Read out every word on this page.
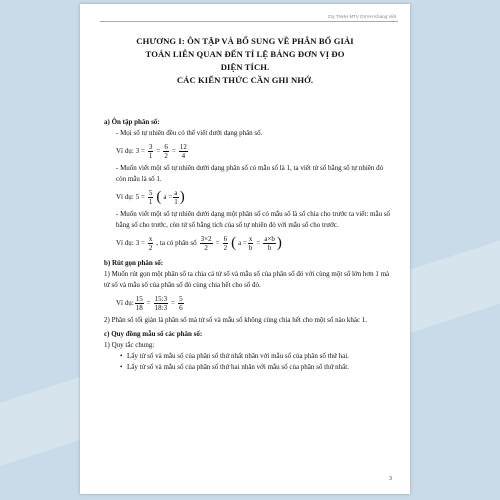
Cty TNHH MTV DVVH Khang Việt
CHƯƠNG I: ÔN TẬP VÀ BỔ SUNG VỀ PHÂN BỐ GIẢI
TOÁN LIÊN QUAN ĐẾN TỈ LỆ BẢNG ĐƠN VỊ ĐO
DIỆN TÍCH.
CÁC KIẾN THỨC CẦN GHI NHỚ.
a) Ôn tập phân số:
- Mọi số tự nhiên đều có thể viết dưới dạng phân số.
Ví dụ: $3 = \frac{3}{1} = \frac{6}{2} = \frac{12}{4}$
- Muốn viết một số tự nhiên dưới dạng phân số có mẫu số là 1, ta viết tử số bằng số tự nhiên đó còn mẫu là số 1.
Ví dụ: $5 = \frac{5}{1}$ ( $a = \frac{a}{1}$ )
- Muốn viết một số tự nhiên dưới dạng một phân số có mẫu số là số chia cho trước ta viết: mẫu số bằng số cho trước, còn tử số bằng tích của số tự nhiên đó với mẫu số cho trước.
Ví dụ: $3 = \frac{x}{2}$ , ta có phân số $\frac{3\times 2}{2} = \frac{6}{2}$ ( $a = \frac{x}{b} = \frac{a\times b}{b}$ )
b) Rút gọn phân số:
1) Muốn rút gọn một phân số ta chia cả tử số và mẫu số của phân số đó với cùng một số lớn hơn 1 mà tử số và mẫu số của phân số đó cùng chia hết cho số đó.
Ví dụ: $\frac{15}{18} = \frac{15:3}{18:3} = \frac{5}{6}$
2) Phân số tối giản là phân số mà tử số và mẫu số không cùng chia hết cho một số nào khác 1.
c) Quy đồng mẫu số các phân số:
1) Quy tắc chung:
• Lấy tử số và mẫu số của phân số thứ nhất nhân với mẫu số của phân số thứ hai.
• Lấy tử số và mẫu số của phân số thứ hai nhân với mẫu số của phân số thứ nhất.
3
